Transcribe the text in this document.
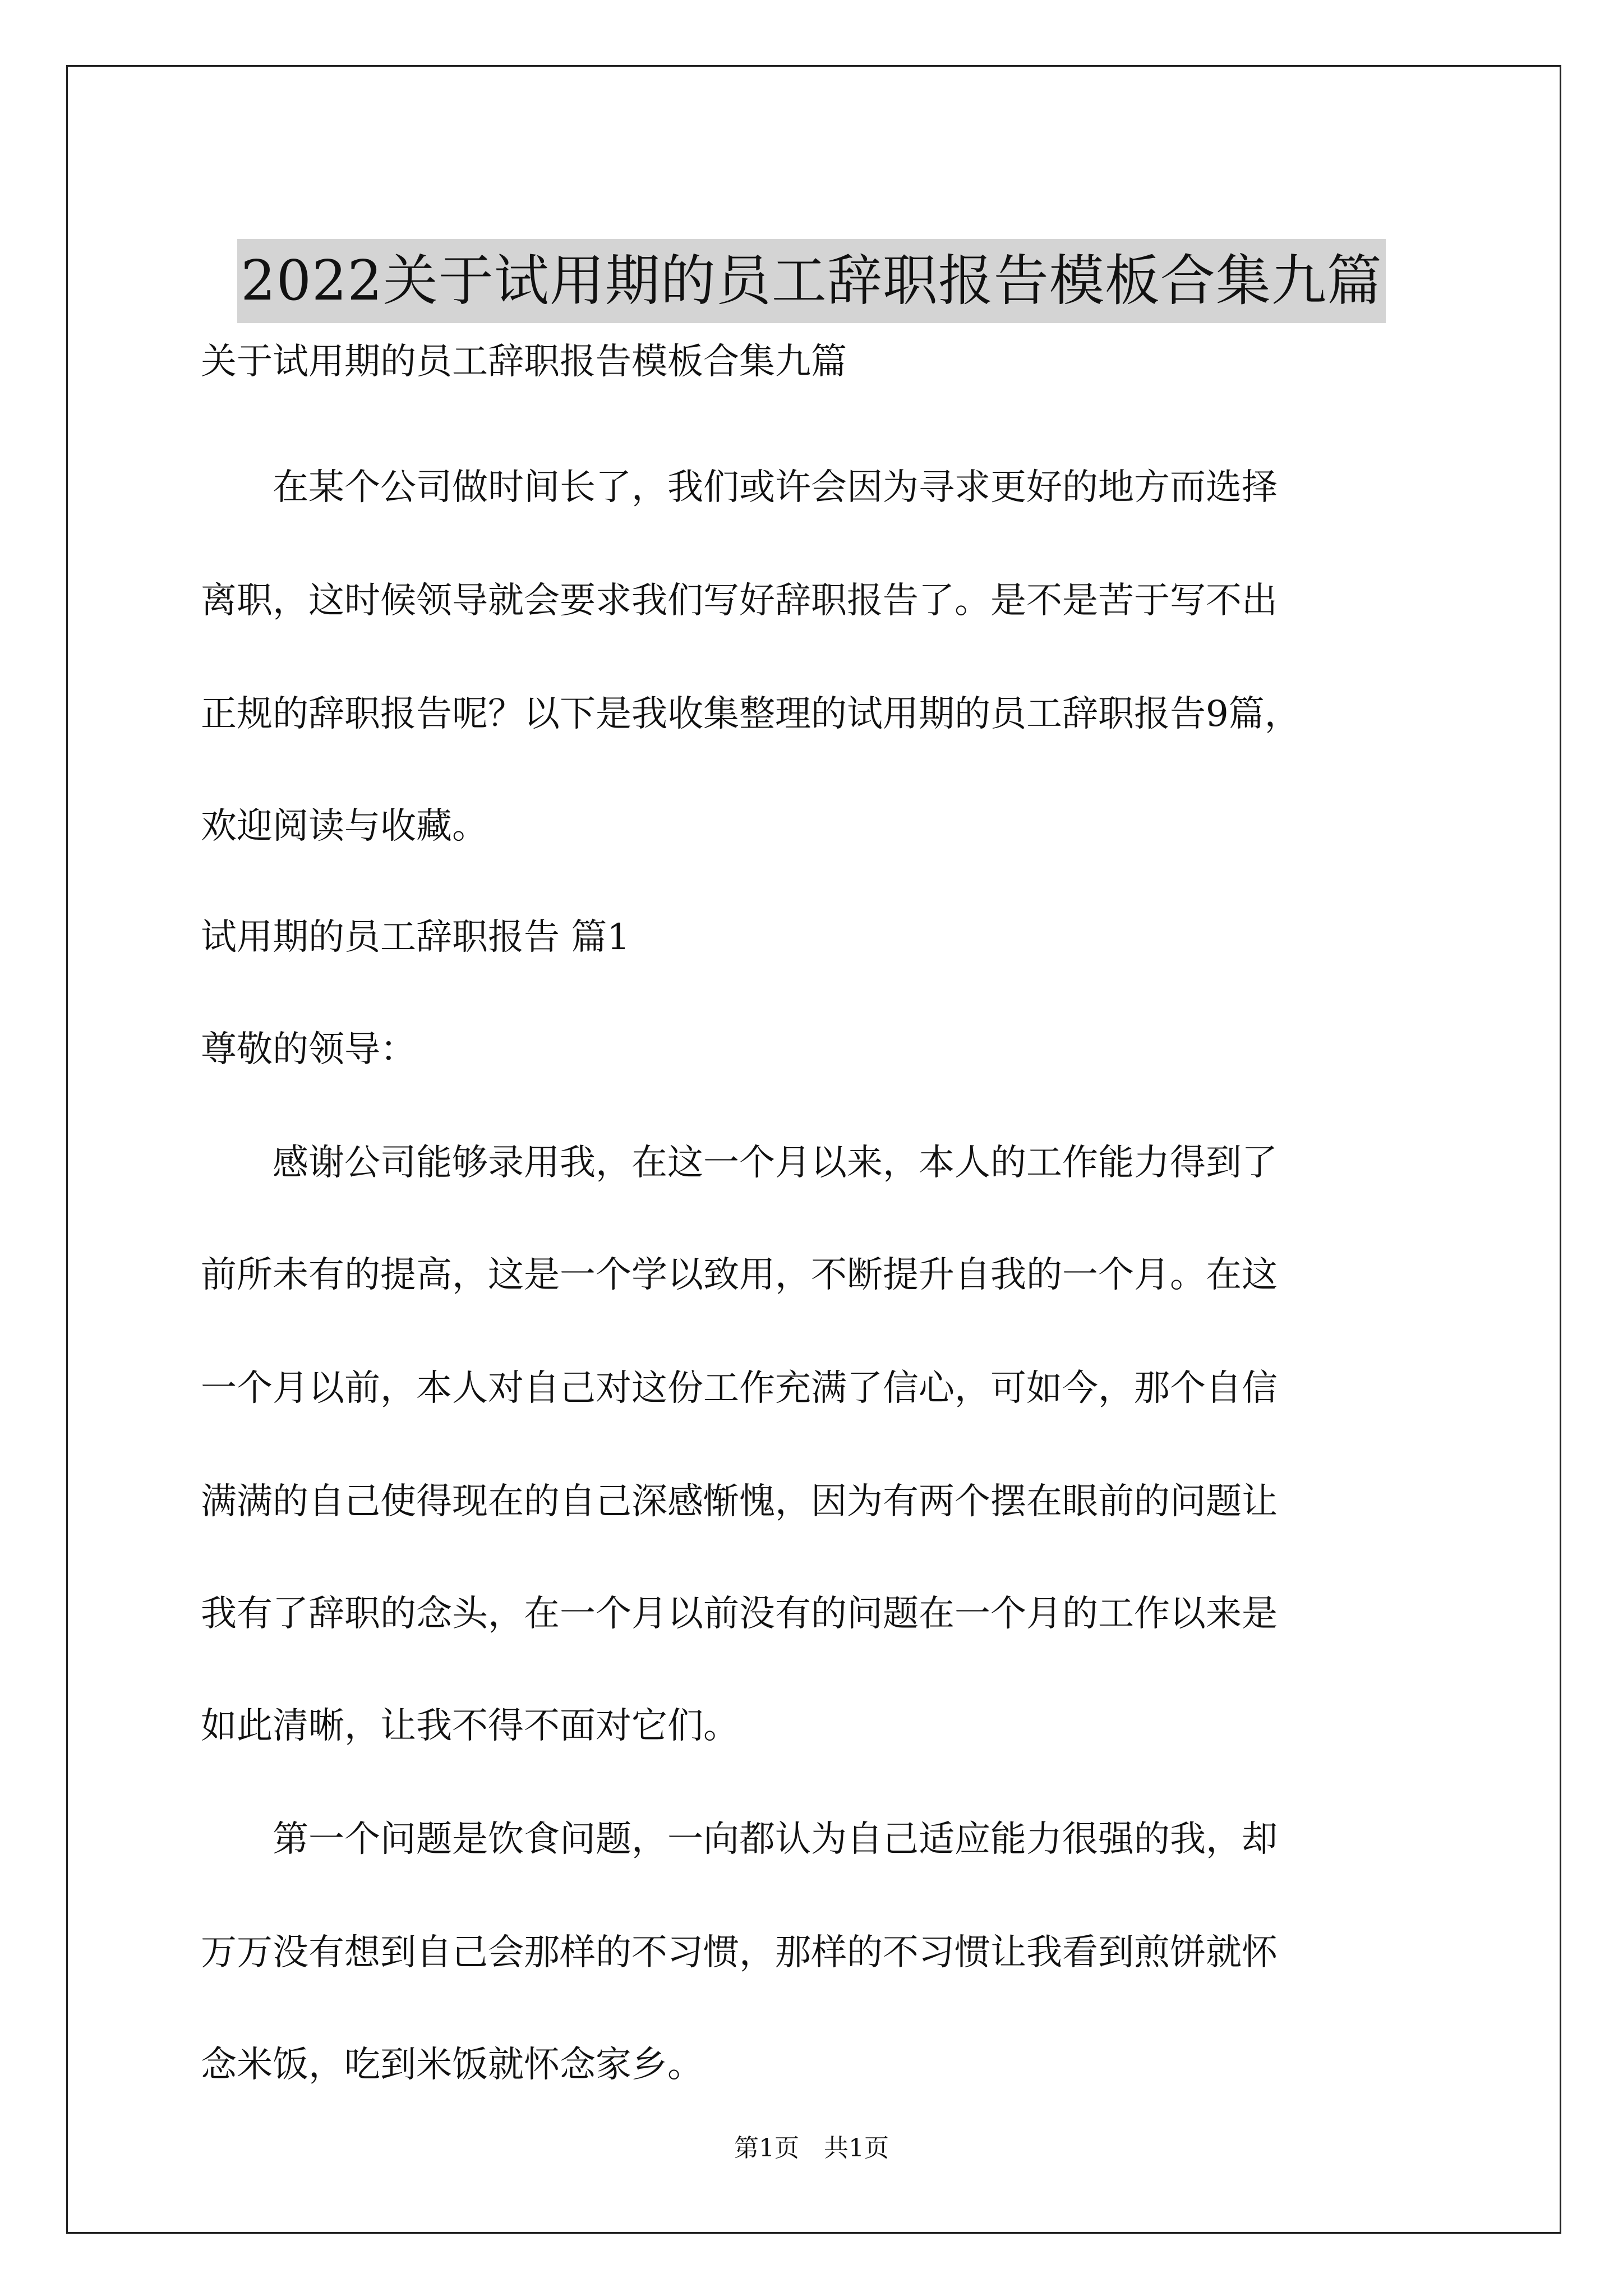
2022关于试用期的员工辞职报告模板合集九篇
关于试用期的员工辞职报告模板合集九篇
　　在某个公司做时间长了，我们或许会因为寻求更好的地方而选择
离职，这时候领导就会要求我们写好辞职报告了。是不是苦于写不出
正规的辞职报告呢？以下是我收集整理的试用期的员工辞职报告9篇，
欢迎阅读与收藏。
试用期的员工辞职报告 篇1
尊敬的领导：
　　感谢公司能够录用我，在这一个月以来，本人的工作能力得到了
前所未有的提高，这是一个学以致用，不断提升自我的一个月。在这
一个月以前，本人对自己对这份工作充满了信心，可如今，那个自信
满满的自己使得现在的自己深感惭愧，因为有两个摆在眼前的问题让
我有了辞职的念头，在一个月以前没有的问题在一个月的工作以来是
如此清晰，让我不得不面对它们。
　　第一个问题是饮食问题，一向都认为自己适应能力很强的我，却
万万没有想到自己会那样的不习惯，那样的不习惯让我看到煎饼就怀
念米饭，吃到米饭就怀念家乡。
第1页　共1页
